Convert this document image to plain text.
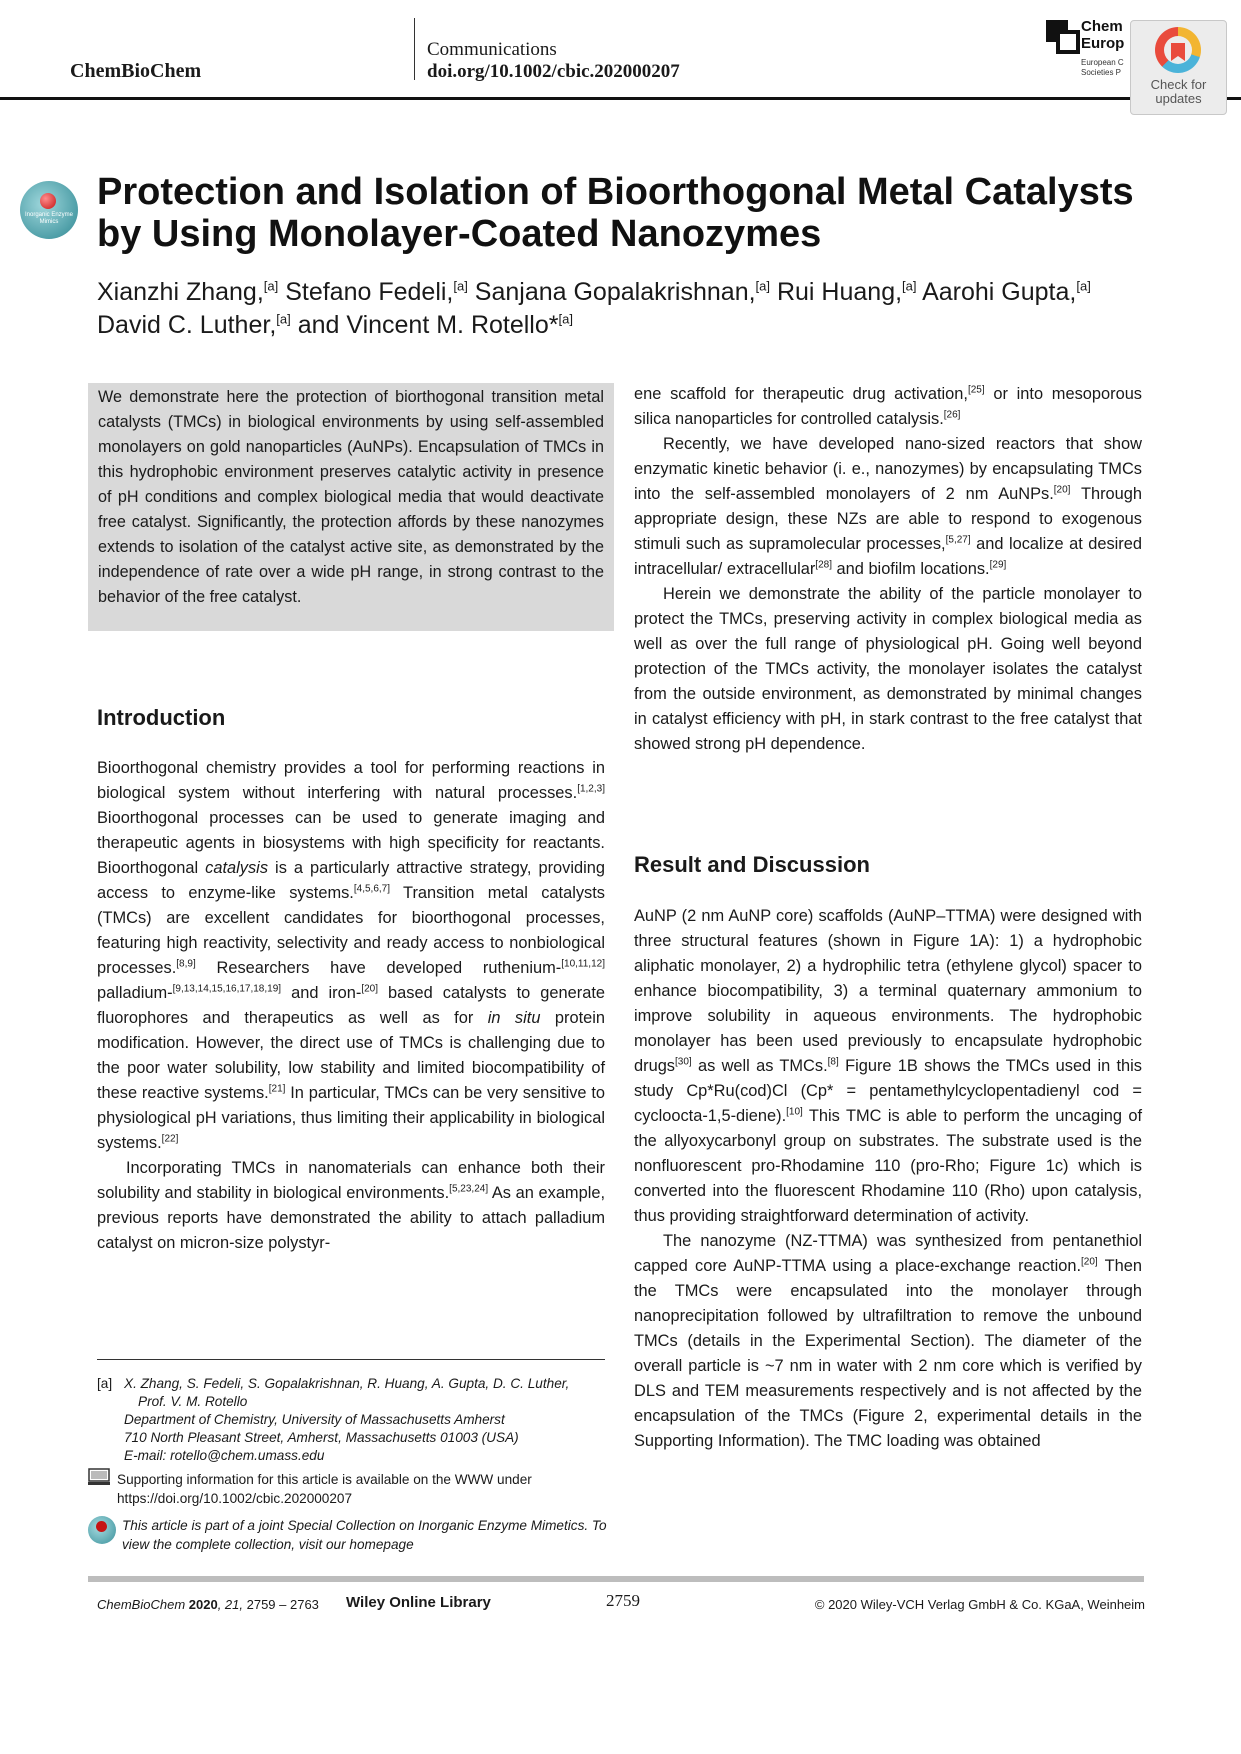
ChemBioChem
Communications
doi.org/10.1002/cbic.202000207
Chem
Europ
European C
Societies P
Check for updates
Inorganic Enzyme Mimics
Protection and Isolation of Bioorthogonal Metal Catalysts by Using Monolayer-Coated Nanozymes
Xianzhi Zhang,[a] Stefano Fedeli,[a] Sanjana Gopalakrishnan,[a] Rui Huang,[a] Aarohi Gupta,[a]
David C. Luther,[a] and Vincent M. Rotello*[a]
We demonstrate here the protection of biorthogonal transition metal catalysts (TMCs) in biological environments by using self-assembled monolayers on gold nanoparticles (AuNPs). Encapsulation of TMCs in this hydrophobic environment preserves catalytic activity in presence of pH conditions and complex biological media that would deactivate free catalyst. Significantly, the protection affords by these nanozymes extends to isolation of the catalyst active site, as demonstrated by the independence of rate over a wide pH range, in strong contrast to the behavior of the free catalyst.
Introduction

Bioorthogonal chemistry provides a tool for performing reactions in biological system without interfering with natural processes.[1,2,3] Bioorthogonal processes can be used to generate imaging and therapeutic agents in biosystems with high specificity for reactants. Bioorthogonal catalysis is a particularly attractive strategy, providing access to enzyme-like systems.[4,5,6,7] Transition metal catalysts (TMCs) are excellent candidates for bioorthogonal processes, featuring high reactivity, selectivity and ready access to nonbiological processes.[8,9] Researchers have developed ruthenium-[10,11,12] palladium-[9,13,14,15,16,17,18,19] and iron-[20] based catalysts to generate fluorophores and therapeutics as well as for in situ protein modification. However, the direct use of TMCs is challenging due to the poor water solubility, low stability and limited biocompatibility of these reactive systems.[21] In particular, TMCs can be very sensitive to physiological pH variations, thus limiting their applicability in biological systems.[22]

Incorporating TMCs in nanomaterials can enhance both their solubility and stability in biological environments.[5,23,24] As an example, previous reports have demonstrated the ability to attach palladium catalyst on micron-size polystyr-

ene scaffold for therapeutic drug activation,[25] or into mesoporous silica nanoparticles for controlled catalysis.[26]

Recently, we have developed nano-sized reactors that show enzymatic kinetic behavior (i. e., nanozymes) by encapsulating TMCs into the self-assembled monolayers of 2 nm AuNPs.[20] Through appropriate design, these NZs are able to respond to exogenous stimuli such as supramolecular processes,[5,27] and localize at desired intracellular/ extracellular[28] and biofilm locations.[29]

Herein we demonstrate the ability of the particle monolayer to protect the TMCs, preserving activity in complex biological media as well as over the full range of physiological pH. Going well beyond protection of the TMCs activity, the monolayer isolates the catalyst from the outside environment, as demonstrated by minimal changes in catalyst efficiency with pH, in stark contrast to the free catalyst that showed strong pH dependence.

Result and Discussion

AuNP (2 nm AuNP core) scaffolds (AuNP–TTMA) were designed with three structural features (shown in Figure 1A): 1) a hydrophobic aliphatic monolayer, 2) a hydrophilic tetra (ethylene glycol) spacer to enhance biocompatibility, 3) a terminal quaternary ammonium to improve solubility in aqueous environments. The hydrophobic monolayer has been used previously to encapsulate hydrophobic drugs[30] as well as TMCs.[8] Figure 1B shows the TMCs used in this study Cp*Ru(cod)Cl (Cp* = pentamethylcyclopentadienyl cod = cycloocta-1,5-diene).[10] This TMC is able to perform the uncaging of the allyoxycarbonyl group on substrates. The substrate used is the nonfluorescent pro-Rhodamine 110 (pro-Rho; Figure 1c) which is converted into the fluorescent Rhodamine 110 (Rho) upon catalysis, thus providing straightforward determination of activity.

The nanozyme (NZ-TTMA) was synthesized from pentanethiol capped core AuNP-TTMA using a place-exchange reaction.[20] Then the TMCs were encapsulated into the monolayer through nanoprecipitation followed by ultrafiltration to remove the unbound TMCs (details in the Experimental Section). The diameter of the overall particle is ~7 nm in water with 2 nm core which is verified by DLS and TEM measurements respectively and is not affected by the encapsulation of the TMCs (Figure 2, experimental details in the Supporting Information). The TMC loading was obtained

[a] X. Zhang, S. Fedeli, S. Gopalakrishnan, R. Huang, A. Gupta, D. C. Luther,
Prof. V. M. Rotello
Department of Chemistry, University of Massachusetts Amherst
710 North Pleasant Street, Amherst, Massachusetts 01003 (USA)
E-mail: rotello@chem.umass.edu
Supporting information for this article is available on the WWW under https://doi.org/10.1002/cbic.202000207
This article is part of a joint Special Collection on Inorganic Enzyme Mimetics. To view the complete collection, visit our homepage
ChemBioChem 2020, 21, 2759 – 2763 Wiley Online Library	2759	© 2020 Wiley-VCH Verlag GmbH & Co. KGaA, Weinheim
